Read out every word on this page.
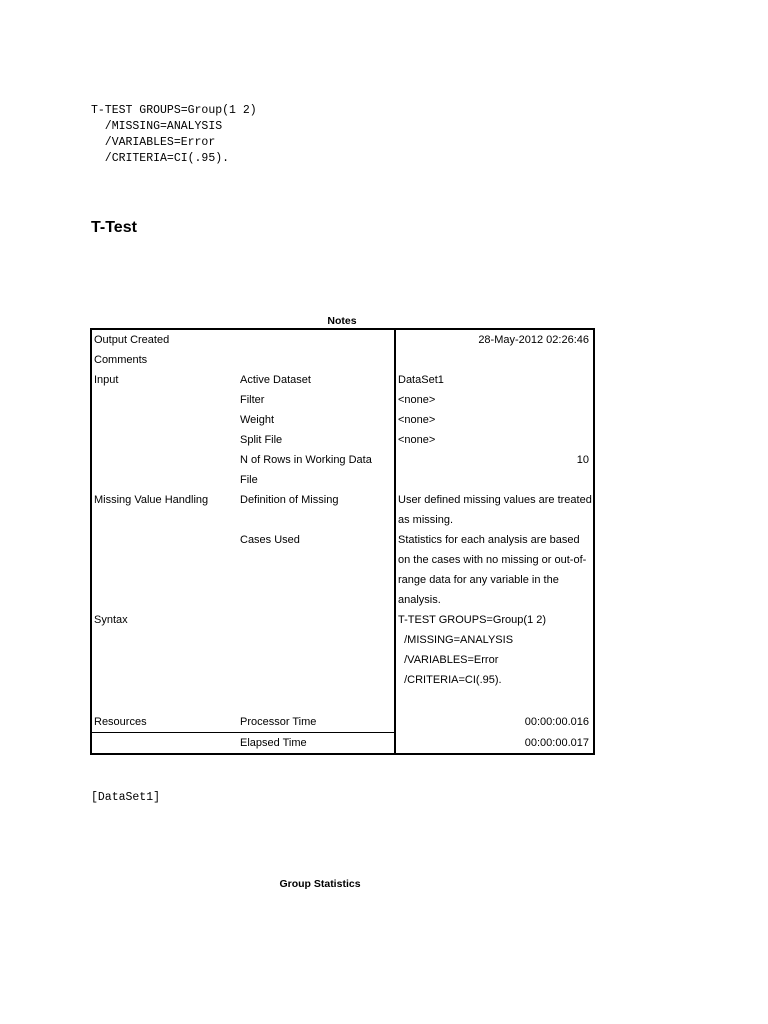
T-TEST GROUPS=Group(1 2)
/MISSING=ANALYSIS
/VARIABLES=Error
/CRITERIA=CI(.95).
T-Test
Notes
Output Created		28-May-2012 02:26:46
Comments		
Input	Active Dataset	DataSet1
	Filter	<none>
	Weight	<none>
	Split File	<none>
	N of Rows in Working Data	10
	File	
Missing Value Handling	Definition of Missing	User defined missing values are treated
		as missing.
	Cases Used	Statistics for each analysis are based
		on the cases with no missing or out-of-
		range data for any variable in the
		analysis.
Syntax		T-TEST GROUPS=Group(1 2)
		/MISSING=ANALYSIS
		/VARIABLES=Error
		/CRITERIA=CI(.95).

Resources	Processor Time	00:00:00.016
	Elapsed Time	00:00:00.017
[DataSet1]
Group Statistics
